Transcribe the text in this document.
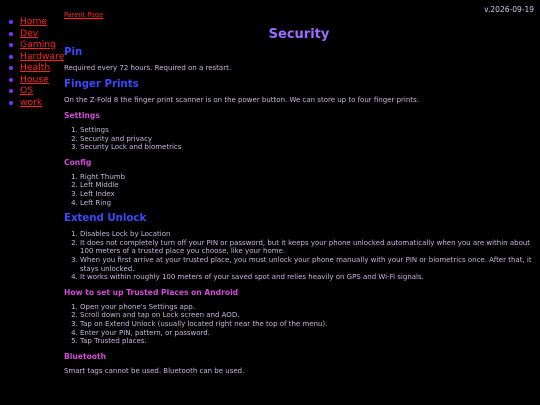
v.2026-09-19
Home
Dev
Gaming
Hardware
Health
House
OS
work
Parent Page
Security
Pin

Required every 72 hours. Required on a restart.

Finger Prints

On the Z-Fold 8 the finger print scanner is on the power button. We can store up to four finger prints.

Settings
1. Settings
2. Security and privacy
3. Security Lock and biometrics
Config
1. Right Thumb
2. Left Middle
3. Left Index
4. Left Ring
Extend Unlock
1. Disables Lock by Location
2. It does not completely turn off your PIN or password, but it keeps your phone unlocked automatically when you are within about 100 meters of a trusted place you choose, like your home.
3. When you first arrive at your trusted place, you must unlock your phone manually with your PIN or biometrics once. After that, it stays unlocked.
4. It works within roughly 100 meters of your saved spot and relies heavily on GPS and Wi-Fi signals.
How to set up Trusted Places on Android
1. Open your phone's Settings app.
2. Scroll down and tap on Lock screen and AOD.
3. Tap on Extend Unlock (usually located right near the top of the menu).
4. Enter your PIN, pattern, or password.
5. Tap Trusted places.
Bluetooth

Smart tags cannot be used. Bluetooth can be used.
